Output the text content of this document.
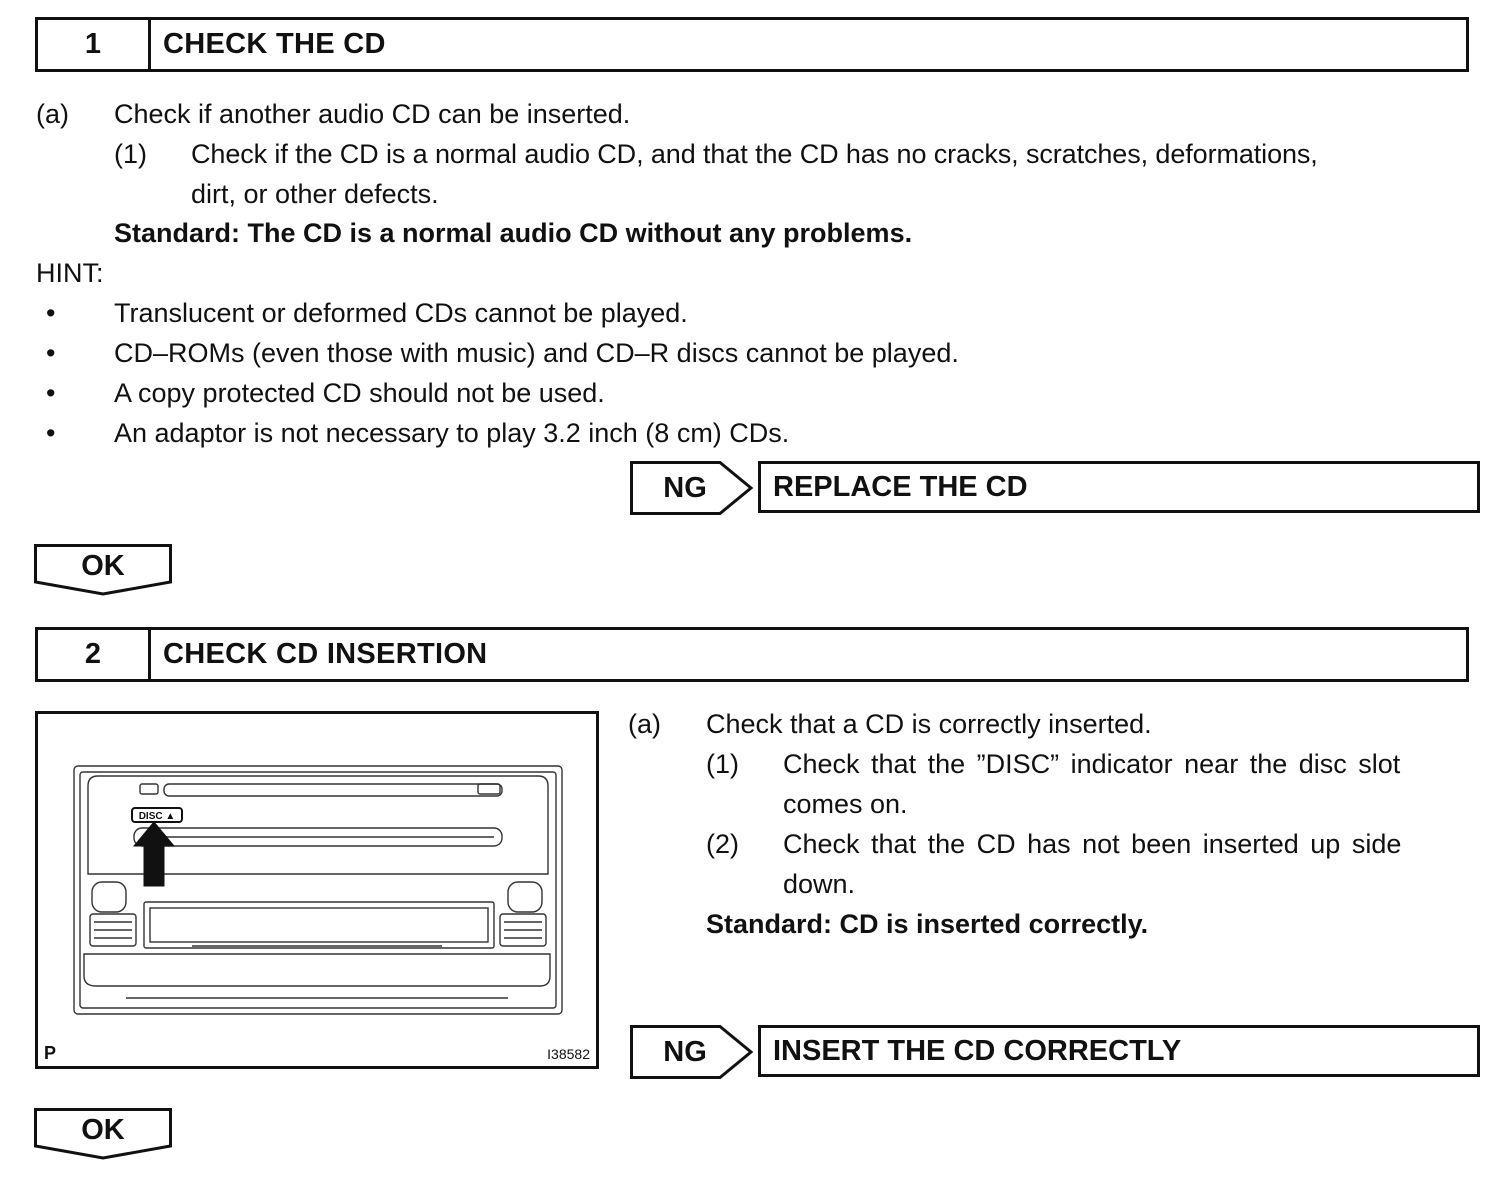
1	CHECK THE CD
(a) Check if another audio CD can be inserted.
(1) Check if the CD is a normal audio CD, and that the CD has no cracks, scratches, deformations,
dirt, or other defects.
Standard: The CD is a normal audio CD without any problems.
HINT:
• Translucent or deformed CDs cannot be played.
• CD–ROMs (even those with music) and CD–R discs cannot be played.
• A copy protected CD should not be used.
• An adaptor is not necessary to play 3.2 inch (8 cm) CDs.
NG	REPLACE THE CD
OK
2	CHECK CD INSERTION
DISC ▲
P	I38582
(a) Check that a CD is correctly inserted.
(1) Check that the ”DISC” indicator near the disc slot
comes on.
(2) Check that the CD has not been inserted up side
down.
Standard: CD is inserted correctly.
NG	INSERT THE CD CORRECTLY
OK
